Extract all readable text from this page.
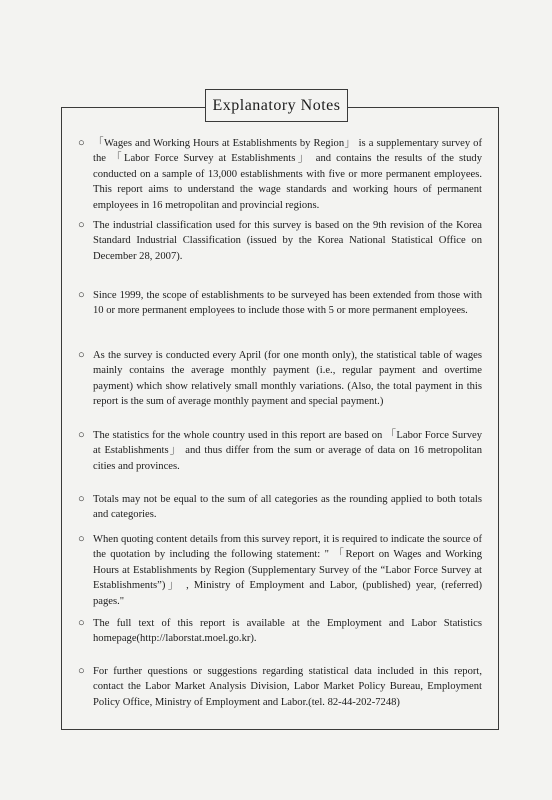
Explanatory Notes
○ 「Wages and Working Hours at Establishments by Region」 is a supplementary survey of the 「Labor Force Survey at Establishments」 and contains the results of the study conducted on a sample of 13,000 establishments with five or more permanent employees. This report aims to understand the wage standards and working hours of permanent employees in 16 metropolitan and provincial regions.
○ The industrial classification used for this survey is based on the 9th revision of the Korea Standard Industrial Classification (issued by the Korea National Statistical Office on December 28, 2007).
○ Since 1999, the scope of establishments to be surveyed has been extended from those with 10 or more permanent employees to include those with 5 or more permanent employees.
○ As the survey is conducted every April (for one month only), the statistical table of wages mainly contains the average monthly payment (i.e., regular payment and overtime payment) which show relatively small monthly variations. (Also, the total payment in this report is the sum of average monthly payment and special payment.)
○ The statistics for the whole country used in this report are based on 「Labor Force Survey at Establishments」 and thus differ from the sum or average of data on 16 metropolitan cities and provinces.
○ Totals may not be equal to the sum of all categories as the rounding applied to both totals and categories.
○ When quoting content details from this survey report, it is required to indicate the source of the quotation by including the following statement: " 「Report on Wages and Working Hours at Establishments by Region (Supplementary Survey of the “Labor Force Survey at Establishments”)」 , Ministry of Employment and Labor, (published) year, (referred) pages."
○ The full text of this report is available at the Employment and Labor Statistics homepage(http://laborstat.moel.go.kr).
○ For further questions or suggestions regarding statistical data included in this report, contact the Labor Market Analysis Division, Labor Market Policy Bureau, Employment Policy Office, Ministry of Employment and Labor.(tel. 82-44-202-7248)
